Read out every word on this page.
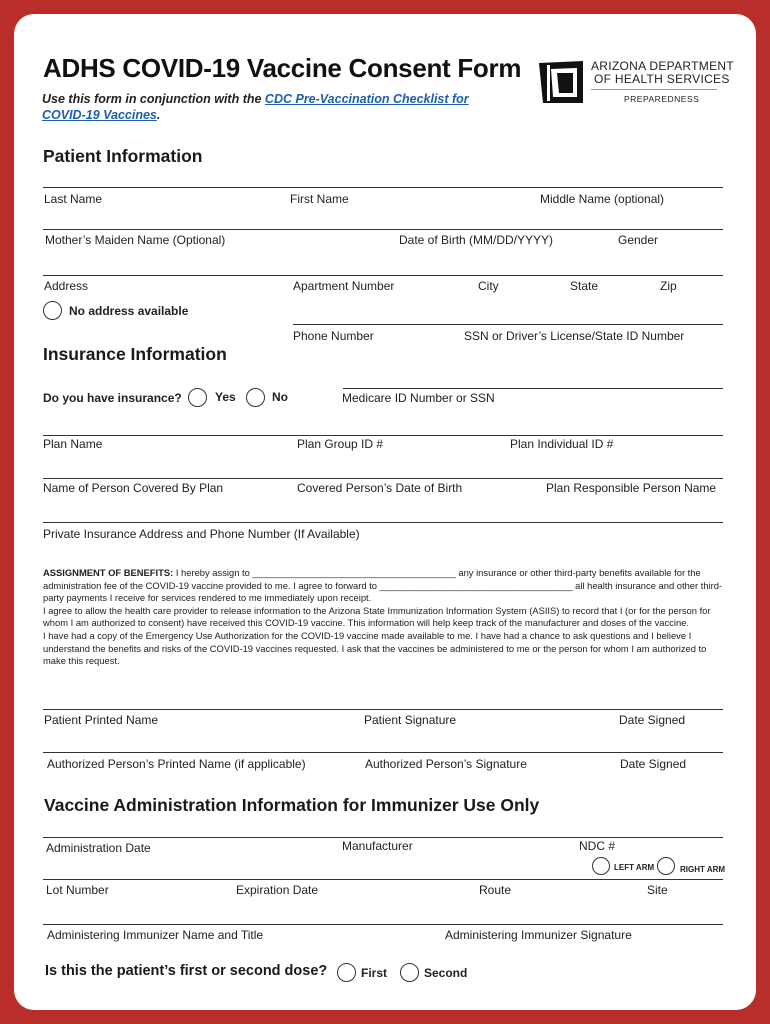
ADHS COVID-19 Vaccine Consent Form
Use this form in conjunction with the CDC Pre-Vaccination Checklist for COVID-19 Vaccines.
ARIZONA DEPARTMENT
OF HEALTH SERVICES
PREPAREDNESS
Patient Information
Last Name	First Name	Middle Name (optional)
Mother’s Maiden Name (Optional)	Date of Birth (MM/DD/YYYY)	Gender
Address	Apartment Number	City	State	Zip
No address available
Phone Number	SSN or Driver’s License/State ID Number
Insurance Information
Do you have insurance?	Yes	No	Medicare ID Number or SSN
Plan Name	Plan Group ID #	Plan Individual ID #
Name of Person Covered By Plan	Covered Person’s Date of Birth	Plan Responsible Person Name
Private Insurance Address and Phone Number (If Available)
ASSIGNMENT OF BENEFITS: I hereby assign to _______________________________________ any insurance or other third-party benefits available for the administration fee of the COVID-19 vaccine provided to me. I agree to forward to _____________________________________ all health insurance and other third-party payments I receive for services rendered to me immediately upon receipt.
I agree to allow the health care provider to release information to the Arizona State Immunization Information System (ASIIS) to record that I (or for the person for whom I am authorized to consent) have received this COVID-19 vaccine. This information will help keep track of the manufacturer and doses of the vaccine.
I have had a copy of the Emergency Use Authorization for the COVID-19 vaccine made available to me. I have had a chance to ask questions and I believe I understand the benefits and risks of the COVID-19 vaccines requested. I ask that the vaccines be administered to me or the person for whom I am authorized to make this request.
Patient Printed Name	Patient Signature	Date Signed
Authorized Person’s Printed Name (if applicable)	Authorized Person’s Signature	Date Signed
Vaccine Administration Information for Immunizer Use Only
Administration Date	Manufacturer	NDC #
LEFT ARM	RIGHT ARM
Lot Number	Expiration Date	Route	Site
Administering Immunizer Name and Title	Administering Immunizer Signature
Is this the patient’s first or second dose?	First	Second
